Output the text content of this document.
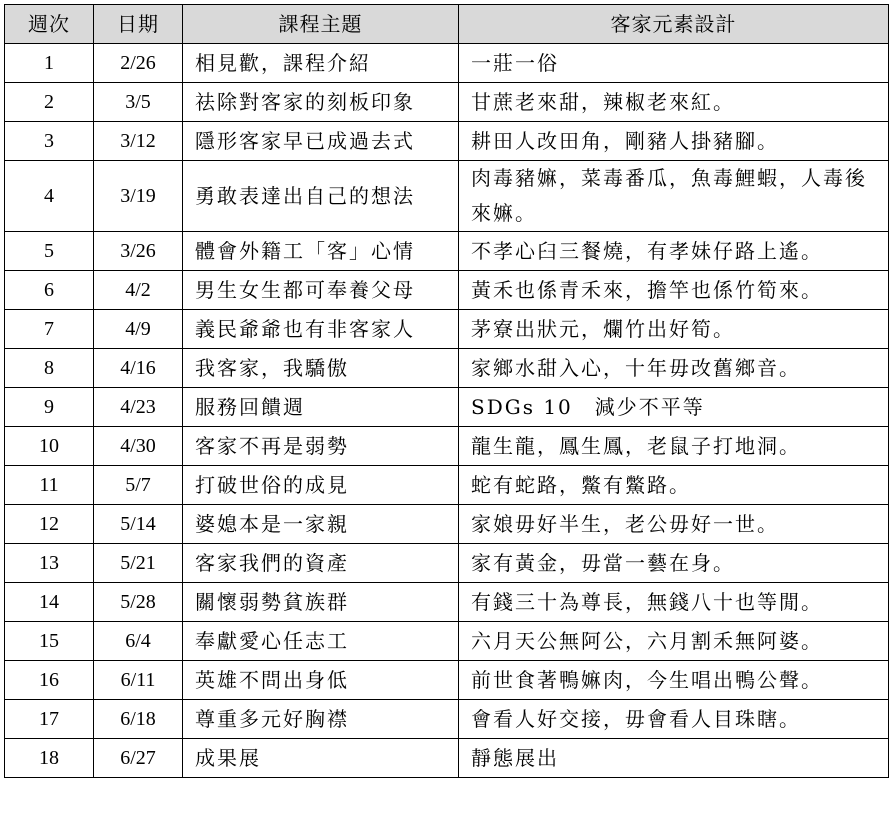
週次	日期	課程主題	客家元素設計
1	2/26	相見歡，課程介紹	一莊一俗
2	3/5	祛除對客家的刻板印象	甘蔗老來甜，辣椒老來紅。
3	3/12	隱形客家早已成過去式	耕田人改田角，剛豬人掛豬腳。
4	3/19	勇敢表達出自己的想法	肉毒豬嫲，菜毒番瓜，魚毒鯉蝦，人毒後來嫲。
5	3/26	體會外籍工「客」心情	不孝心臼三餐燒，有孝妹仔路上遙。
6	4/2	男生女生都可奉養父母	黃禾也係青禾來，擔竿也係竹筍來。
7	4/9	義民爺爺也有非客家人	茅寮出狀元，爛竹出好筍。
8	4/16	我客家，我驕傲	家鄉水甜入心，十年毋改舊鄉音。
9	4/23	服務回饋週	SDGs 10　減少不平等
10	4/30	客家不再是弱勢	龍生龍，鳳生鳳，老鼠子打地洞。
11	5/7	打破世俗的成見	蛇有蛇路，鱉有鱉路。
12	5/14	婆媳本是一家親	家娘毋好半生，老公毋好一世。
13	5/21	客家我們的資產	家有黃金，毋當一藝在身。
14	5/28	關懷弱勢貧族群	有錢三十為尊長，無錢八十也等閒。
15	6/4	奉獻愛心任志工	六月天公無阿公，六月割禾無阿婆。
16	6/11	英雄不問出身低	前世食著鴨嫲肉，今生唱出鴨公聲。
17	6/18	尊重多元好胸襟	會看人好交接，毋會看人目珠瞎。
18	6/27	成果展	靜態展出
